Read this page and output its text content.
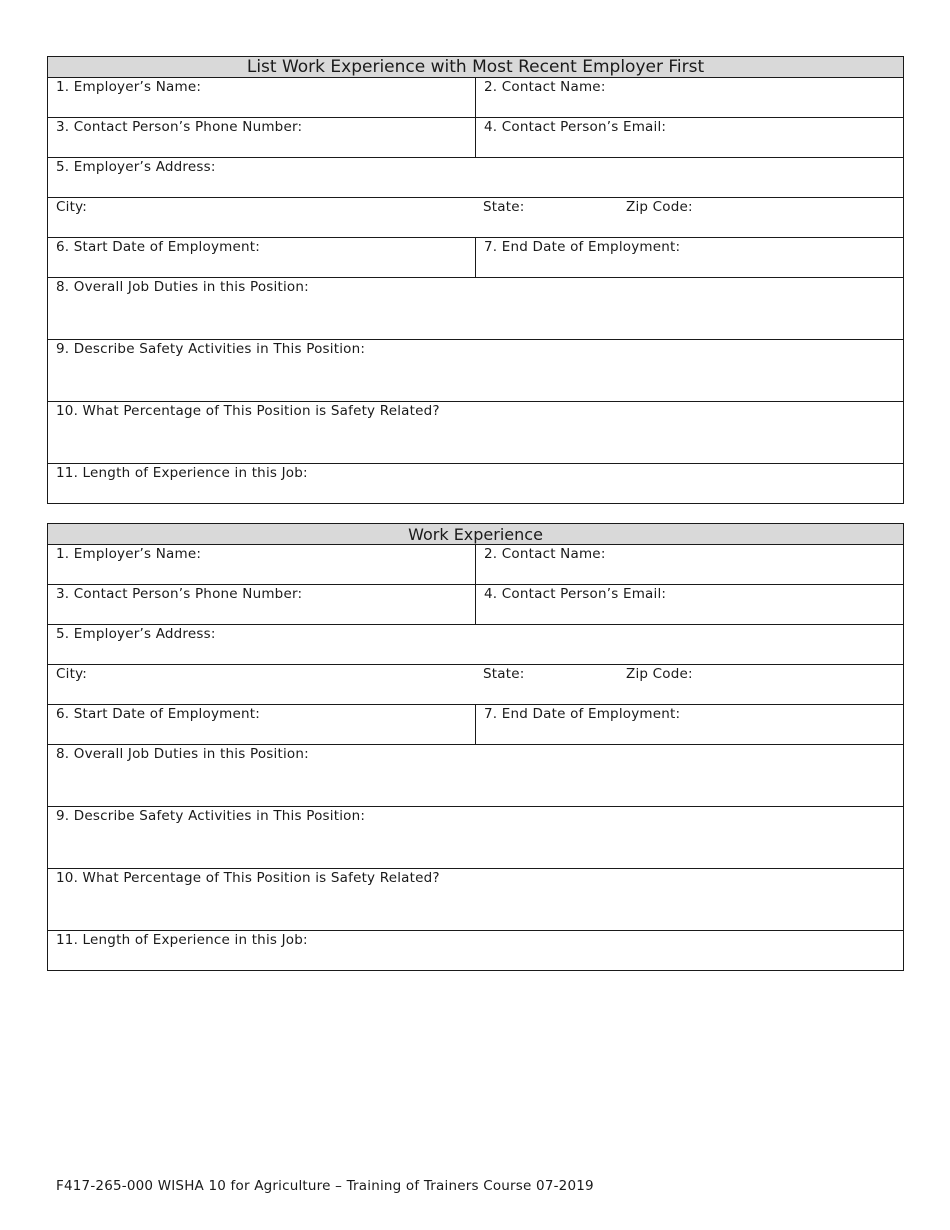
List Work Experience with Most Recent Employer First	

1. Employer’s Name:	2. Contact Name:

3. Contact Person’s Phone Number:	4. Contact Person’s Email:

5. Employer’s Address:	

City: State: Zip Code:	

6. Start Date of Employment:	7. End Date of Employment:

8. Overall Job Duties in this Position:	

9. Describe Safety Activities in This Position:	

10. What Percentage of This Position is Safety Related?	

11. Length of Experience in this Job:	
Work Experience	

1. Employer’s Name:	2. Contact Name:

3. Contact Person’s Phone Number:	4. Contact Person’s Email:

5. Employer’s Address:	

City: State: Zip Code:	

6. Start Date of Employment:	7. End Date of Employment:

8. Overall Job Duties in this Position:	

9. Describe Safety Activities in This Position:	

10. What Percentage of This Position is Safety Related?	

11. Length of Experience in this Job:	
F417-265-000 WISHA 10 for Agriculture – Training of Trainers Course 07-2019
